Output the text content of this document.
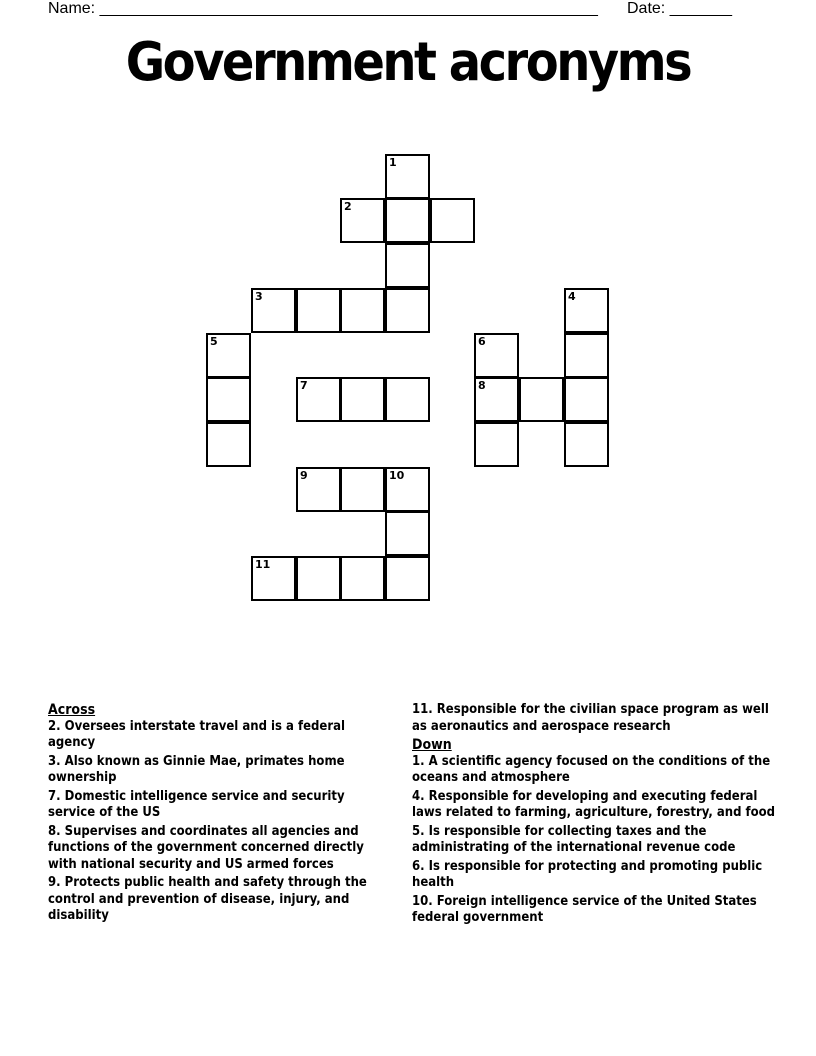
Name: ________________________________________________________ Date: _______
Government acronyms
1
2
3	4
5	6
8
7
9	10
11
Across
2. Oversees interstate travel and is a federal agency
3. Also known as Ginnie Mae, primates home ownership
7. Domestic intelligence service and security service of the US
8. Supervises and coordinates all agencies and functions of the government concerned directly with national security and US armed forces
9. Protects public health and safety through the control and prevention of disease, injury, and disability
11. Responsible for the civilian space program as well as aeronautics and aerospace research
Down
1. A scientific agency focused on the conditions of the oceans and atmosphere
4. Responsible for developing and executing federal laws related to farming, agriculture, forestry, and food
5. Is responsible for collecting taxes and the administrating of the international revenue code
6. Is responsible for protecting and promoting public health
10. Foreign intelligence service of the United States federal government
